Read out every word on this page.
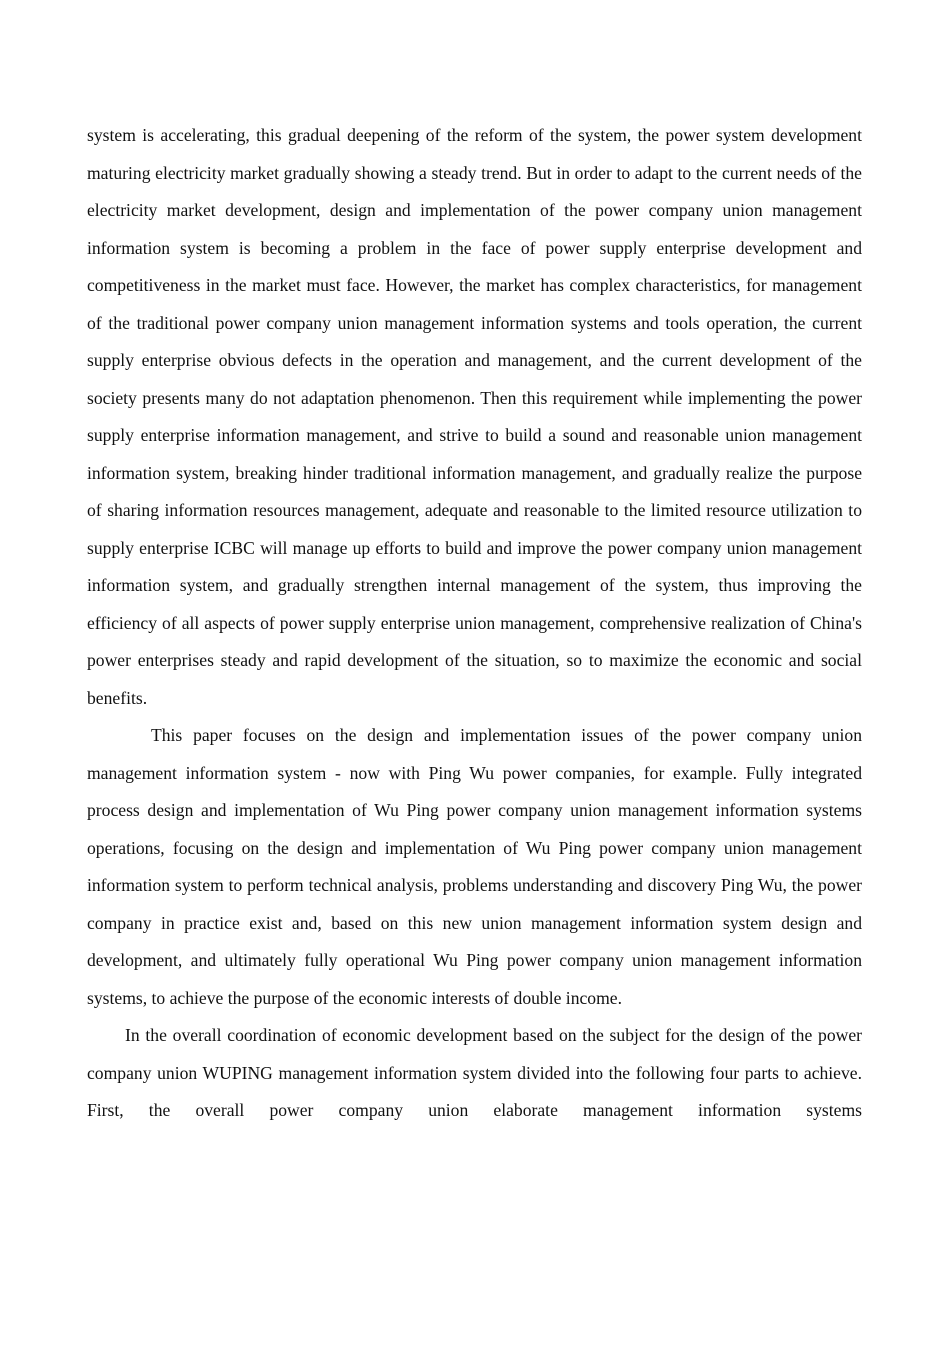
system is accelerating, this gradual deepening of the reform of the system, the power system development maturing electricity market gradually showing a steady trend. But in order to adapt to the current needs of the electricity market development, design and implementation of the power company union management information system is becoming a problem in the face of power supply enterprise development and competitiveness in the market must face. However, the market has complex characteristics, for management of the traditional power company union management information systems and tools operation, the current supply enterprise obvious defects in the operation and management, and the current development of the society presents many do not adaptation phenomenon. Then this requirement while implementing the power supply enterprise information management, and strive to build a sound and reasonable union management information system, breaking hinder traditional information management, and gradually realize the purpose of sharing information resources management, adequate and reasonable to the limited resource utilization to supply enterprise ICBC will manage up efforts to build and improve the power company union management information system, and gradually strengthen internal management of the system, thus improving the efficiency of all aspects of power supply enterprise union management, comprehensive realization of China's power enterprises steady and rapid development of the situation, so to maximize the economic and social benefits.

This paper focuses on the design and implementation issues of the power company union management information system - now with Ping Wu power companies, for example. Fully integrated process design and implementation of Wu Ping power company union management information systems operations, focusing on the design and implementation of Wu Ping power company union management information system to perform technical analysis, problems understanding and discovery Ping Wu, the power company in practice exist and, based on this new union management information system design and development, and ultimately fully operational Wu Ping power company union management information systems, to achieve the purpose of the economic interests of double income.

In the overall coordination of economic development based on the subject for the design of the power company union WUPING management information system divided into the following four parts to achieve. First, the overall power company union elaborate management information systems
